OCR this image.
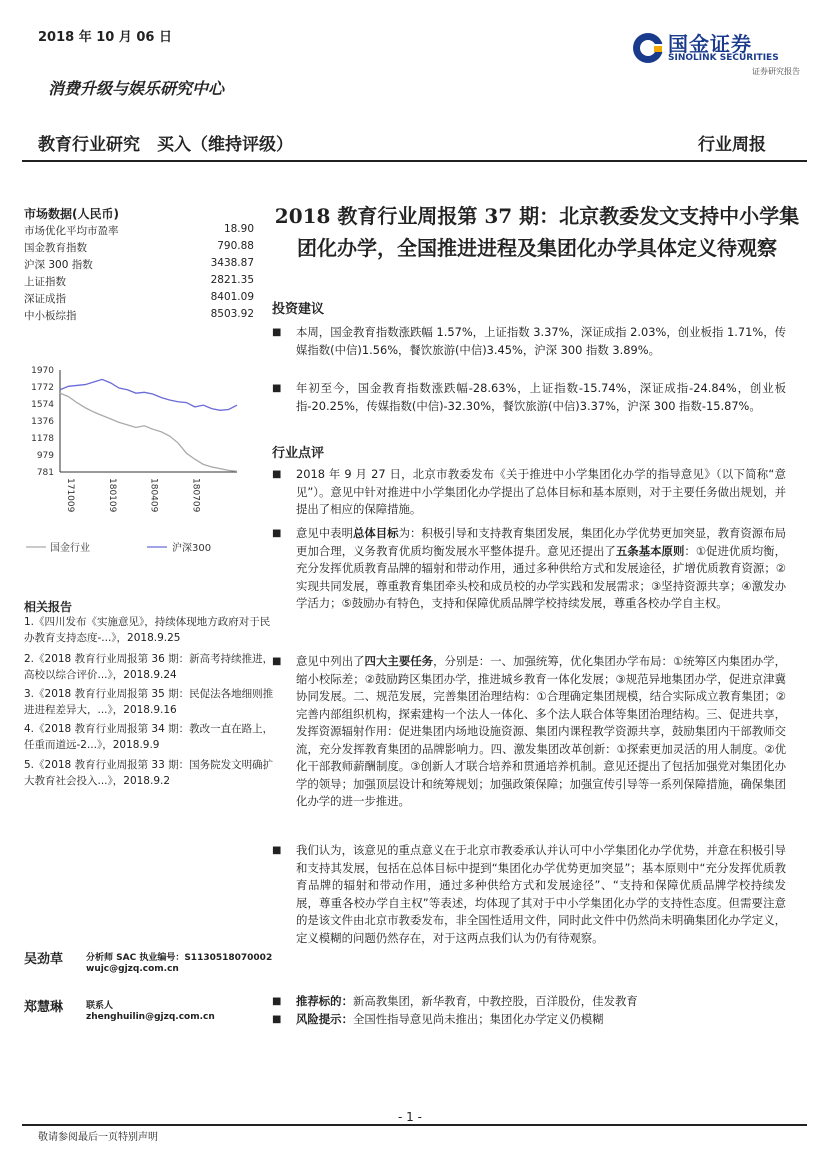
2018 年 10 月 06 日	国金证券
SINOLINK SECURITIES
证券研究报告
消费升级与娱乐研究中心
教育行业研究　买入（维持评级）	行业周报
市场数据(人民币)
市场优化平均市盈率	18.90
国金教育指数	790.88
沪深 300 指数	3438.87
上证指数	2821.35
深证成指	8401.09
中小板综指	8503.92
1970
1772
1574
1376
1178
979
781
171009	180109	180409	180709
国金行业	沪深300
相关报告
1.《四川发布《实施意见》，持续体现地方政府对于民办教育支持态度-...》，2018.9.25
2.《2018 教育行业周报第 36 期：新高考持续推进，高校以综合评价...》，2018.9.24
3.《2018 教育行业周报第 35 期：民促法各地细则推进进程差异大，...》，2018.9.16
4.《2018 教育行业周报第 34 期：教改一直在路上，任重而道远-2...》，2018.9.9
5.《2018 教育行业周报第 33 期：国务院发文明确扩大教育社会投入...》，2018.9.2
吴劲草	分析师 SAC 执业编号：S1130518070002
wujc@gjzq.com.cn
郑慧琳	联系人
zhenghuilin@gjzq.com.cn
2018 教育行业周报第 37 期：北京教委发文支持中小学集团化办学，全国推进进程及集团化办学具体定义待观察
投资建议
■ 本周，国金教育指数涨跌幅 1.57%，上证指数 3.37%，深证成指 2.03%，创业板指 1.71%，传媒指数(中信)1.56%，餐饮旅游(中信)3.45%，沪深 300 指数 3.89%。
■ 年初至今，国金教育指数涨跌幅-28.63%，上证指数-15.74%，深证成指-24.84%，创业板指-20.25%，传媒指数(中信)-32.30%，餐饮旅游(中信)3.37%，沪深 300 指数-15.87%。
行业点评
■ 2018 年 9 月 27 日，北京市教委发布《关于推进中小学集团化办学的指导意见》（以下简称“意见”）。意见中针对推进中小学集团化办学提出了总体目标和基本原则，对于主要任务做出规划，并提出了相应的保障措施。
■ 意见中表明总体目标为：积极引导和支持教育集团发展，集团化办学优势更加突显，教育资源布局更加合理，义务教育优质均衡发展水平整体提升。意见还提出了五条基本原则：①促进优质均衡，充分发挥优质教育品牌的辐射和带动作用，通过多种供给方式和发展途径，扩增优质教育资源；②实现共同发展，尊重教育集团牵头校和成员校的办学实践和发展需求；③坚持资源共享；④激发办学活力；⑤鼓励办有特色，支持和保障优质品牌学校持续发展，尊重各校办学自主权。
■ 意见中列出了四大主要任务，分别是：一、加强统筹，优化集团办学布局：①统筹区内集团办学，缩小校际差；②鼓励跨区集团办学，推进城乡教育一体化发展；③规范异地集团办学，促进京津冀协同发展。二、规范发展，完善集团治理结构：①合理确定集团规模，结合实际成立教育集团；②完善内部组织机构，探索建构一个法人一体化、多个法人联合体等集团治理结构。三、促进共享，发挥资源辐射作用：促进集团内场地设施资源、集团内课程教学资源共享，鼓励集团内干部教师交流，充分发挥教育集团的品牌影响力。四、激发集团改革创新：①探索更加灵活的用人制度。②优化干部教师薪酬制度。③创新人才联合培养和贯通培养机制。意见还提出了包括加强党对集团化办学的领导；加强顶层设计和统筹规划；加强政策保障；加强宣传引导等一系列保障措施，确保集团化办学的进一步推进。
■ 我们认为，该意见的重点意义在于北京市教委承认并认可中小学集团化办学优势，并意在积极引导和支持其发展，包括在总体目标中提到“集团化办学优势更加突显”；基本原则中“充分发挥优质教育品牌的辐射和带动作用，通过多种供给方式和发展途径”、“支持和保障优质品牌学校持续发展，尊重各校办学自主权”等表述，均体现了其对于中小学集团化办学的支持性态度。但需要注意的是该文件由北京市教委发布，非全国性适用文件，同时此文件中仍然尚未明确集团化办学定义，定义模糊的问题仍然存在，对于这两点我们认为仍有待观察。
■ 推荐标的：新高教集团，新华教育，中教控股，百洋股份，佳发教育
■ 风险提示：全国性指导意见尚未推出；集团化办学定义仍模糊
- 1 -
敬请参阅最后一页特别声明
